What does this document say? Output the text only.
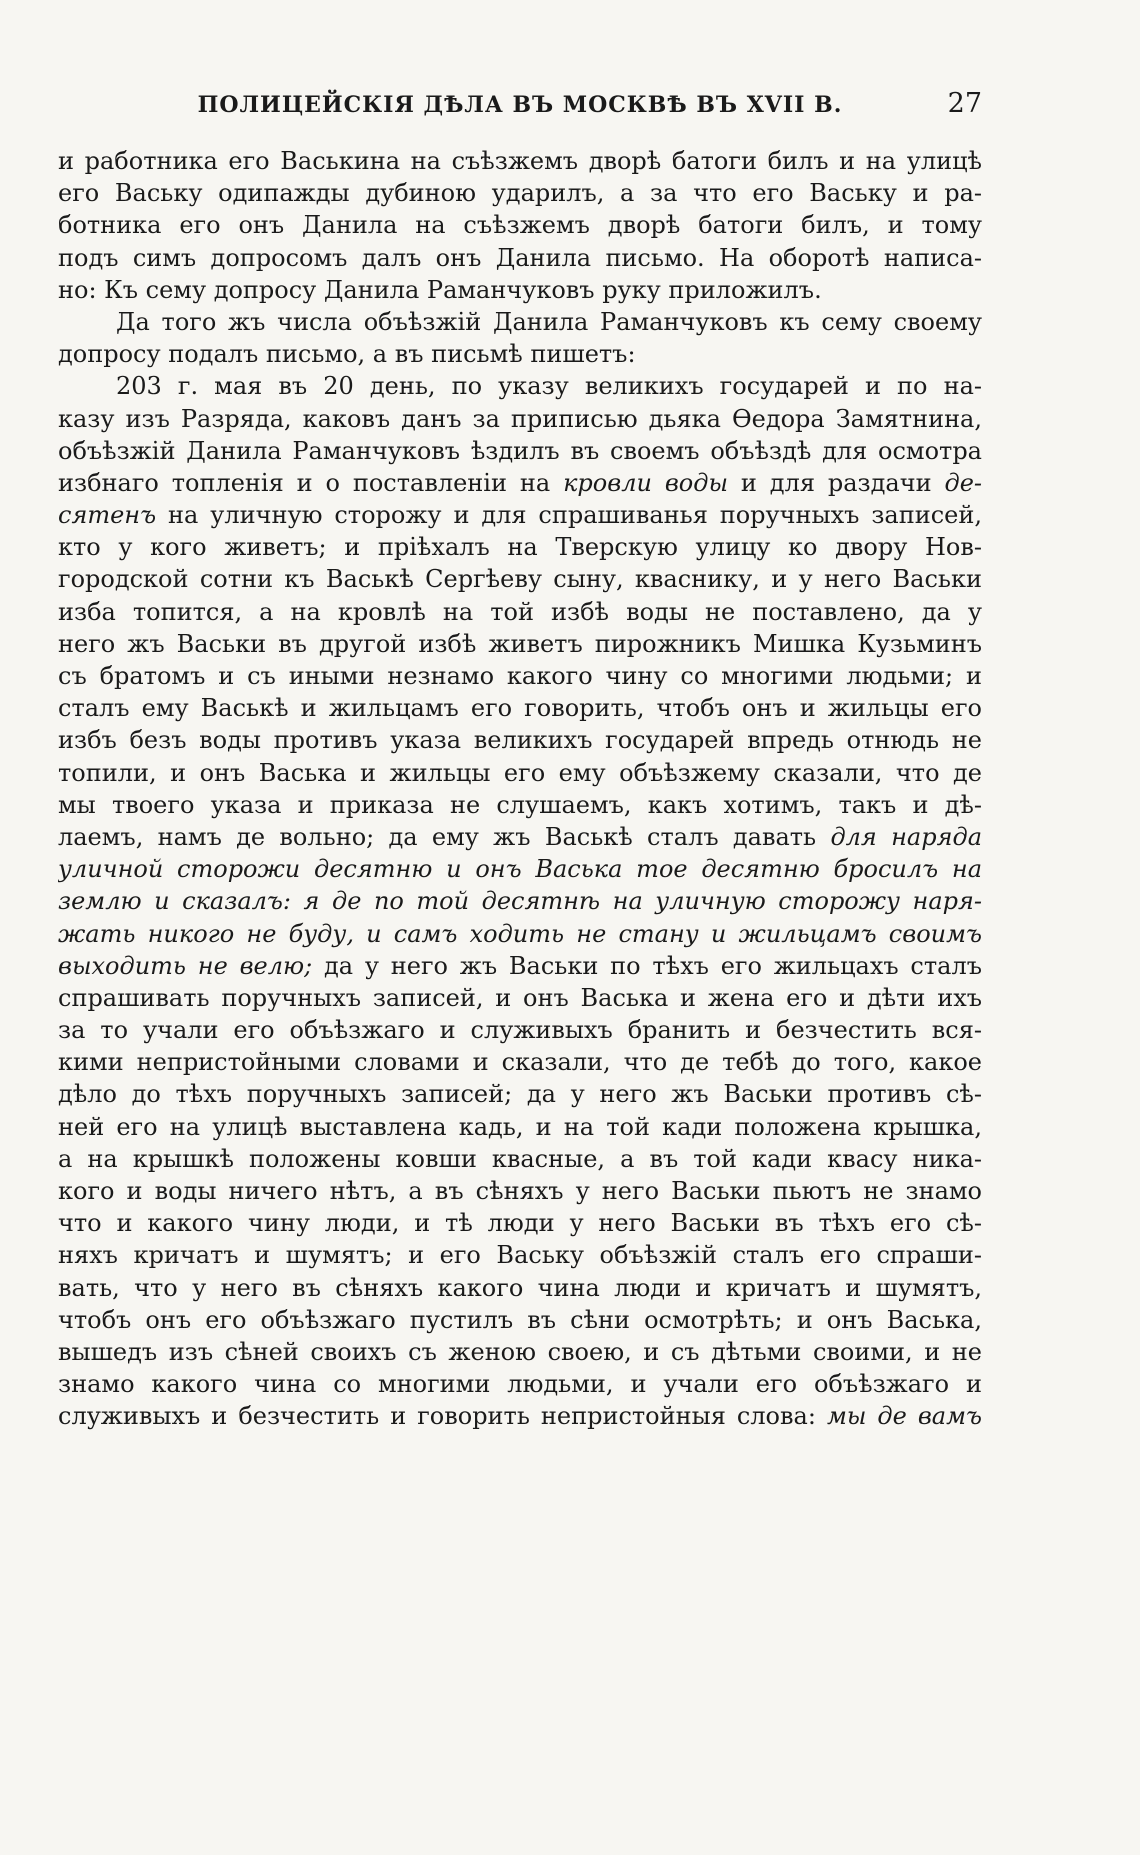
ПОЛИЦЕЙСКІЯ ДѢЛА ВЪ МОСКВѢ ВЪ XVII В.	27
и работника его Васькина на съѣзжемъ дворѣ батоги билъ и на улицѣ
его Ваську одипажды дубиною ударилъ, а за что его Ваську и ра-
ботника его онъ Данила на съѣзжемъ дворѣ батоги билъ, и тому
подъ симъ допросомъ далъ онъ Данила письмо. На оборотѣ написа-
но: Къ сему допросу Данила Раманчуковъ руку приложилъ.
Да того жъ числа объѣзжій Данила Раманчуковъ къ сему своему
допросу подалъ письмо, а въ письмѣ пишетъ:
203 г. мая въ 20 день, по указу великихъ государей и по на-
казу изъ Разряда, каковъ данъ за приписью дьяка Ѳедора Замятнина,
объѣзжій Данила Раманчуковъ ѣздилъ въ своемъ объѣздѣ для осмотра
избнаго топленія и о поставленіи на кровли воды и для раздачи де-
сятенъ на уличную сторожу и для спрашиванья поручныхъ записей,
кто у кого живетъ; и пріѣхалъ на Тверскую улицу ко двору Нов-
городской сотни къ Васькѣ Сергѣеву сыну, кваснику, и у него Васьки
изба топится, а на кровлѣ на той избѣ воды не поставлено, да у
него жъ Васьки въ другой избѣ живетъ пирожникъ Мишка Кузьминъ
съ братомъ и съ иными незнамо какого чину со многими людьми; и
сталъ ему Васькѣ и жильцамъ его говорить, чтобъ онъ и жильцы его
избъ безъ воды противъ указа великихъ государей впредь отнюдь не
топили, и онъ Васька и жильцы его ему объѣзжему сказали, что де
мы твоего указа и приказа не слушаемъ, какъ хотимъ, такъ и дѣ-
лаемъ, намъ де вольно; да ему жъ Васькѣ сталъ давать для наряда
уличной сторожи десятню и онъ Васька тое десятню бросилъ на
землю и сказалъ: я де по той десятнѣ на уличную сторожу наря-
жать никого не буду, и самъ ходить не стану и жильцамъ своимъ
выходить не велю; да у него жъ Васьки по тѣхъ его жильцахъ сталъ
спрашивать поручныхъ записей, и онъ Васька и жена его и дѣти ихъ
за то учали его объѣзжаго и служивыхъ бранить и безчестить вся-
кими непристойными словами и сказали, что де тебѣ до того, какое
дѣло до тѣхъ поручныхъ записей; да у него жъ Васьки противъ сѣ-
ней его на улицѣ выставлена кадь, и на той кади положена крышка,
а на крышкѣ положены ковши квасные, а въ той кади квасу ника-
кого и воды ничего нѣтъ, а въ сѣняхъ у него Васьки пьютъ не знамо
что и какого чину люди, и тѣ люди у него Васьки въ тѣхъ его сѣ-
няхъ кричатъ и шумятъ; и его Ваську объѣзжій сталъ его спраши-
вать, что у него въ сѣняхъ какого чина люди и кричатъ и шумятъ,
чтобъ онъ его объѣзжаго пустилъ въ сѣни осмотрѣть; и онъ Васька,
вышедъ изъ сѣней своихъ съ женою своею, и съ дѣтьми своими, и не
знамо какого чина со многими людьми, и учали его объѣзжаго и
служивыхъ и безчестить и говорить непристойныя слова: мы де вамъ
